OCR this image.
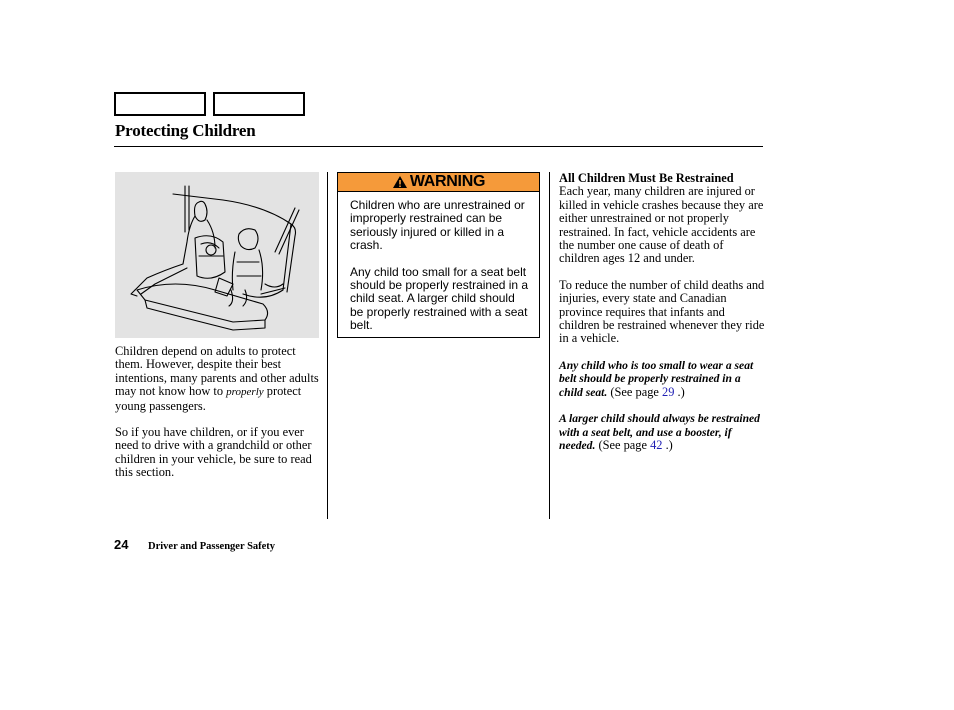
Protecting Children

Children depend on adults to protect them. However, despite their best intentions, many parents and other adults may not know how to properly protect young passengers.

So if you have children, or if you ever need to drive with a grandchild or other children in your vehicle, be sure to read this section.

WARNING

Children who are unrestrained or improperly restrained can be seriously injured or killed in a crash.

Any child too small for a seat belt should be properly restrained in a child seat. A larger child should be properly restrained with a seat belt.

All Children Must Be Restrained

Each year, many children are injured or killed in vehicle crashes because they are either unrestrained or not properly restrained. In fact, vehicle accidents are the number one cause of death of children ages 12 and under.

To reduce the number of child deaths and injuries, every state and Canadian province requires that infants and children be restrained whenever they ride in a vehicle.

Any child who is too small to wear a seat belt should be properly restrained in a child seat. (See page 29 .)

A larger child should always be restrained with a seat belt, and use a booster, if needed. (See page 42 .)

24 Driver and Passenger Safety
